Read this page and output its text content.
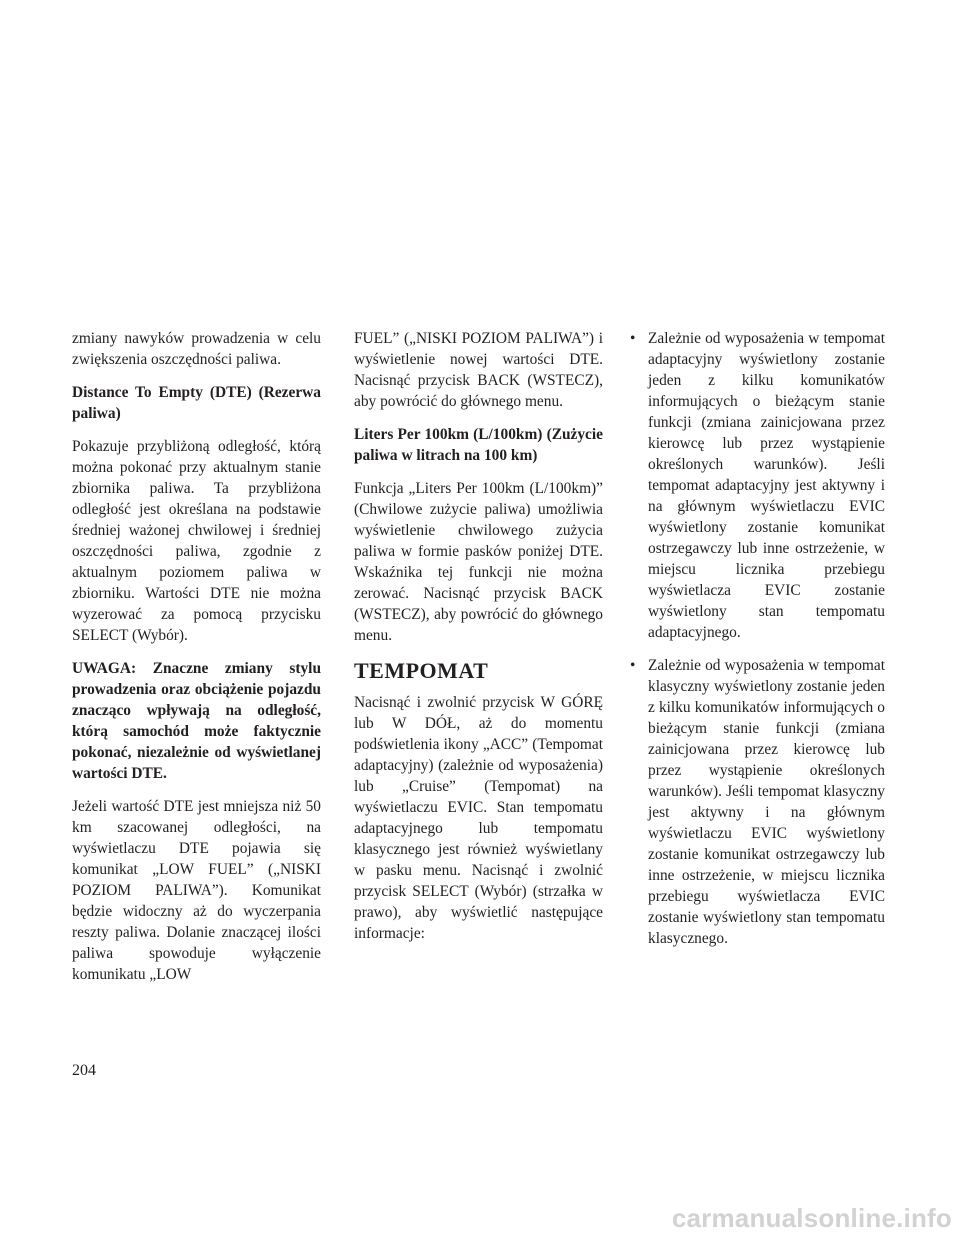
zmiany nawyków prowadzenia w celu zwiększenia oszczędności paliwa.

Distance To Empty (DTE) (Rezerwa paliwa)

Pokazuje przybliżoną odległość, którą można pokonać przy aktualnym stanie zbiornika paliwa. Ta przybliżona odległość jest określana na podstawie średniej ważonej chwilowej i średniej oszczędności paliwa, zgodnie z aktualnym poziomem paliwa w zbiorniku. Wartości DTE nie można wyzerować za pomocą przycisku SELECT (Wybór).

UWAGA: Znaczne zmiany stylu prowadzenia oraz obciążenie pojazdu znacząco wpływają na odległość, którą samochód może faktycznie pokonać, niezależnie od wyświetlanej wartości DTE.

Jeżeli wartość DTE jest mniejsza niż 50 km szacowanej odległości, na wyświetlaczu DTE pojawia się komunikat „LOW FUEL” („NISKI POZIOM PALIWA”). Komunikat będzie widoczny aż do wyczerpania reszty paliwa. Dolanie znaczącej ilości paliwa spowoduje wyłączenie komunikatu „LOW

FUEL” („NISKI POZIOM PALIWA”) i wyświetlenie nowej wartości DTE. Nacisnąć przycisk BACK (WSTECZ), aby powrócić do głównego menu.

Liters Per 100km (L/100km) (Zużycie paliwa w litrach na 100 km)

Funkcja „Liters Per 100km (L/100km)” (Chwilowe zużycie paliwa) umożliwia wyświetlenie chwilowego zużycia paliwa w formie pasków poniżej DTE. Wskaźnika tej funkcji nie można zerować. Nacisnąć przycisk BACK (WSTECZ), aby powrócić do głównego menu.

TEMPOMAT

Nacisnąć i zwolnić przycisk W GÓRĘ lub W DÓŁ, aż do momentu podświetlenia ikony „ACC” (Tempomat adaptacyjny) (zależnie od wyposażenia) lub „Cruise” (Tempomat) na wyświetlaczu EVIC. Stan tempomatu adaptacyjnego lub tempomatu klasycznego jest również wyświetlany w pasku menu. Nacisnąć i zwolnić przycisk SELECT (Wybór) (strzałka w prawo), aby wyświetlić następujące informacje:

• Zależnie od wyposażenia w tempomat adaptacyjny wyświetlony zostanie jeden z kilku komunikatów informujących o bieżącym stanie funkcji (zmiana zainicjowana przez kierowcę lub przez wystąpienie określonych warunków). Jeśli tempomat adaptacyjny jest aktywny i na głównym wyświetlaczu EVIC wyświetlony zostanie komunikat ostrzegawczy lub inne ostrzeżenie, w miejscu licznika przebiegu wyświetlacza EVIC zostanie wyświetlony stan tempomatu adaptacyjnego.
• Zależnie od wyposażenia w tempomat klasyczny wyświetlony zostanie jeden z kilku komunikatów informujących o bieżącym stanie funkcji (zmiana zainicjowana przez kierowcę lub przez wystąpienie określonych warunków). Jeśli tempomat klasyczny jest aktywny i na głównym wyświetlaczu EVIC wyświetlony zostanie komunikat ostrzegawczy lub inne ostrzeżenie, w miejscu licznika przebiegu wyświetlacza EVIC zostanie wyświetlony stan tempomatu klasycznego.
204
carmanualsonline.info
